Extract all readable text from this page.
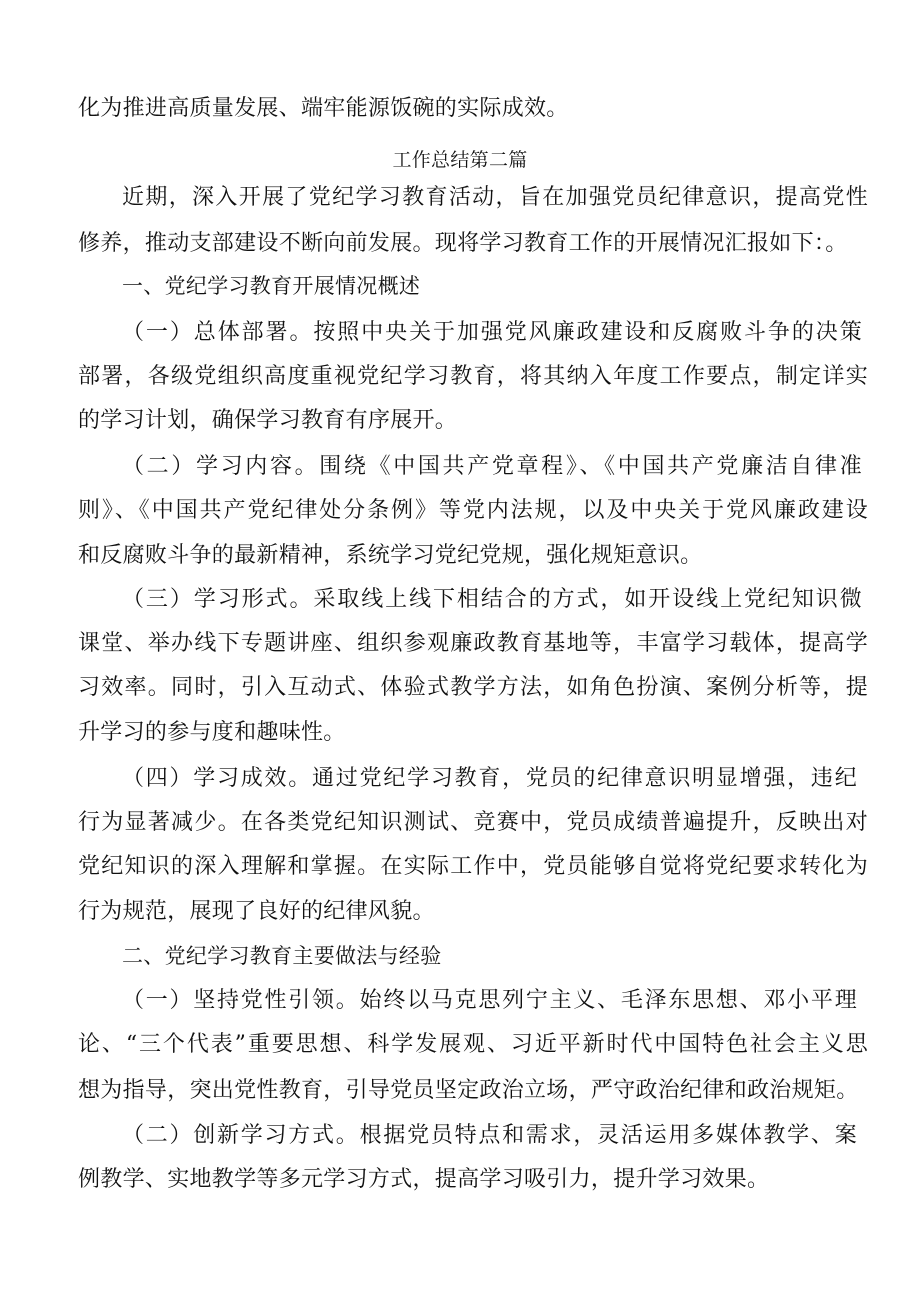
化为推进高质量发展、端牢能源饭碗的实际成效。
工作总结第二篇
近期，深入开展了党纪学习教育活动，旨在加强党员纪律意识，提高党性
修养，推动支部建设不断向前发展。现将学习教育工作的开展情况汇报如下：。
一、党纪学习教育开展情况概述
（一）总体部署。按照中央关于加强党风廉政建设和反腐败斗争的决策
部署，各级党组织高度重视党纪学习教育，将其纳入年度工作要点，制定详实
的学习计划，确保学习教育有序展开。
（二）学习内容。围绕《中国共产党章程》、《中国共产党廉洁自律准
则》、《中国共产党纪律处分条例》等党内法规，以及中央关于党风廉政建设
和反腐败斗争的最新精神，系统学习党纪党规，强化规矩意识。
（三）学习形式。采取线上线下相结合的方式，如开设线上党纪知识微
课堂、举办线下专题讲座、组织参观廉政教育基地等，丰富学习载体，提高学
习效率。同时，引入互动式、体验式教学方法，如角色扮演、案例分析等，提
升学习的参与度和趣味性。
（四）学习成效。通过党纪学习教育，党员的纪律意识明显增强，违纪
行为显著减少。在各类党纪知识测试、竞赛中，党员成绩普遍提升，反映出对
党纪知识的深入理解和掌握。在实际工作中，党员能够自觉将党纪要求转化为
行为规范，展现了良好的纪律风貌。
二、党纪学习教育主要做法与经验
（一）坚持党性引领。始终以马克思列宁主义、毛泽东思想、邓小平理
论、“三个代表”重要思想、科学发展观、习近平新时代中国特色社会主义思
想为指导，突出党性教育，引导党员坚定政治立场，严守政治纪律和政治规矩。
（二）创新学习方式。根据党员特点和需求，灵活运用多媒体教学、案
例教学、实地教学等多元学习方式，提高学习吸引力，提升学习效果。
